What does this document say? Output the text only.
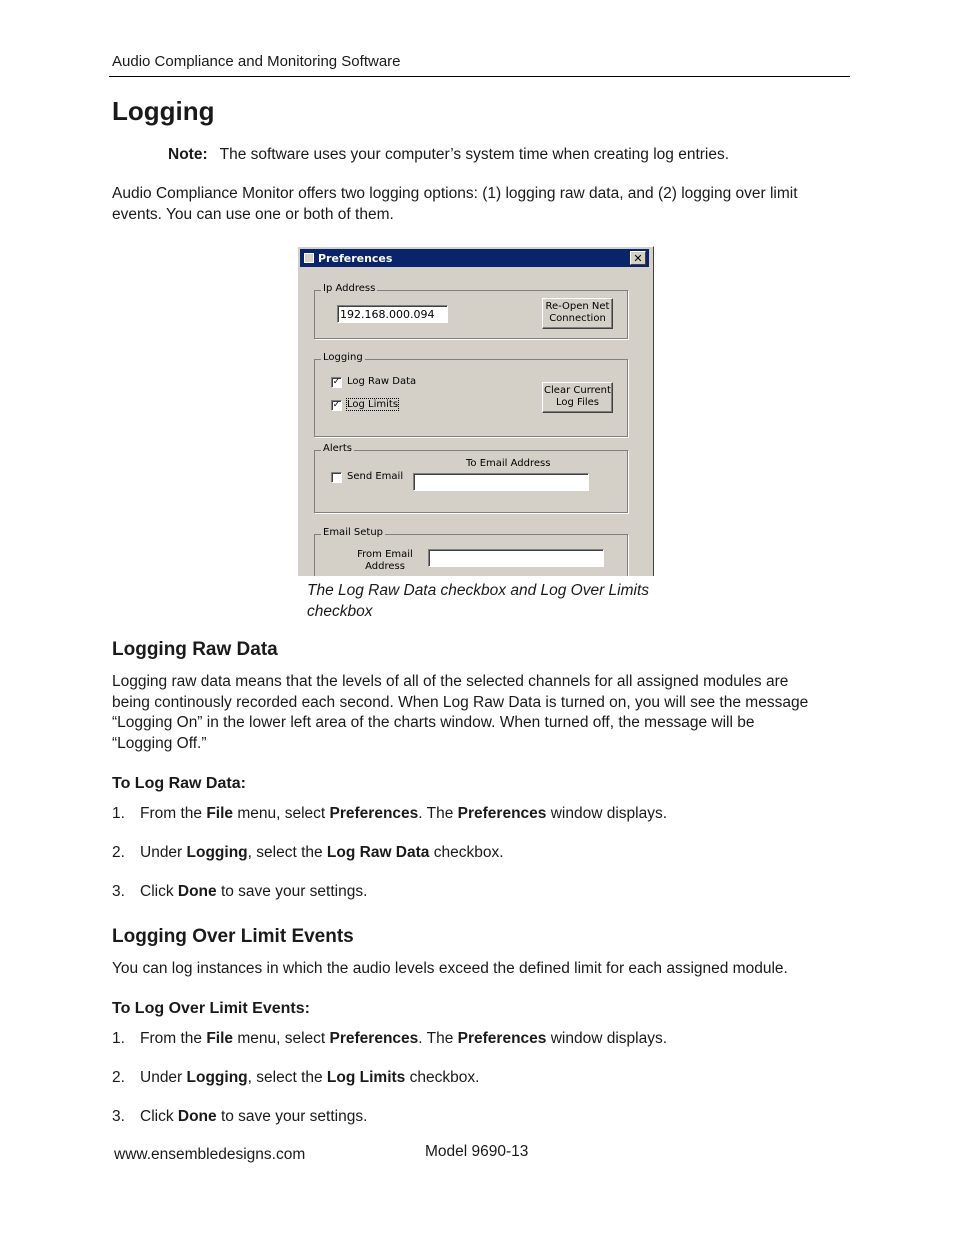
Audio Compliance and Monitoring Software
Logging
Note: The software uses your computer’s system time when creating log entries.
Audio Compliance Monitor offers two logging options: (1) logging raw data, and (2) logging over limit events. You can use one or both of them.
Preferences	✕
Ip Address
192.168.000.094
Re-Open Net
Connection
Logging
✓ Log Raw Data
✓ Log Limits
Clear Current
Log Files
Alerts
Send Email
To Email Address
Email Setup
From Email
Address
The Log Raw Data checkbox and Log Over Limits checkbox
Logging Raw Data
Logging raw data means that the levels of all of the selected channels for all assigned modules are
being continously recorded each second. When Log Raw Data is turned on, you will see the message
“Logging On” in the lower left area of the charts window. When turned off, the message will be
“Logging Off.”
To Log Raw Data:
1. From the File menu, select Preferences. The Preferences window displays.
2. Under Logging, select the Log Raw Data checkbox.
3. Click Done to save your settings.
Logging Over Limit Events
You can log instances in which the audio levels exceed the defined limit for each assigned module.
To Log Over Limit Events:
1. From the File menu, select Preferences. The Preferences window displays.
2. Under Logging, select the Log Limits checkbox.
3. Click Done to save your settings.
www.ensembledesigns.com	Model 9690-13
